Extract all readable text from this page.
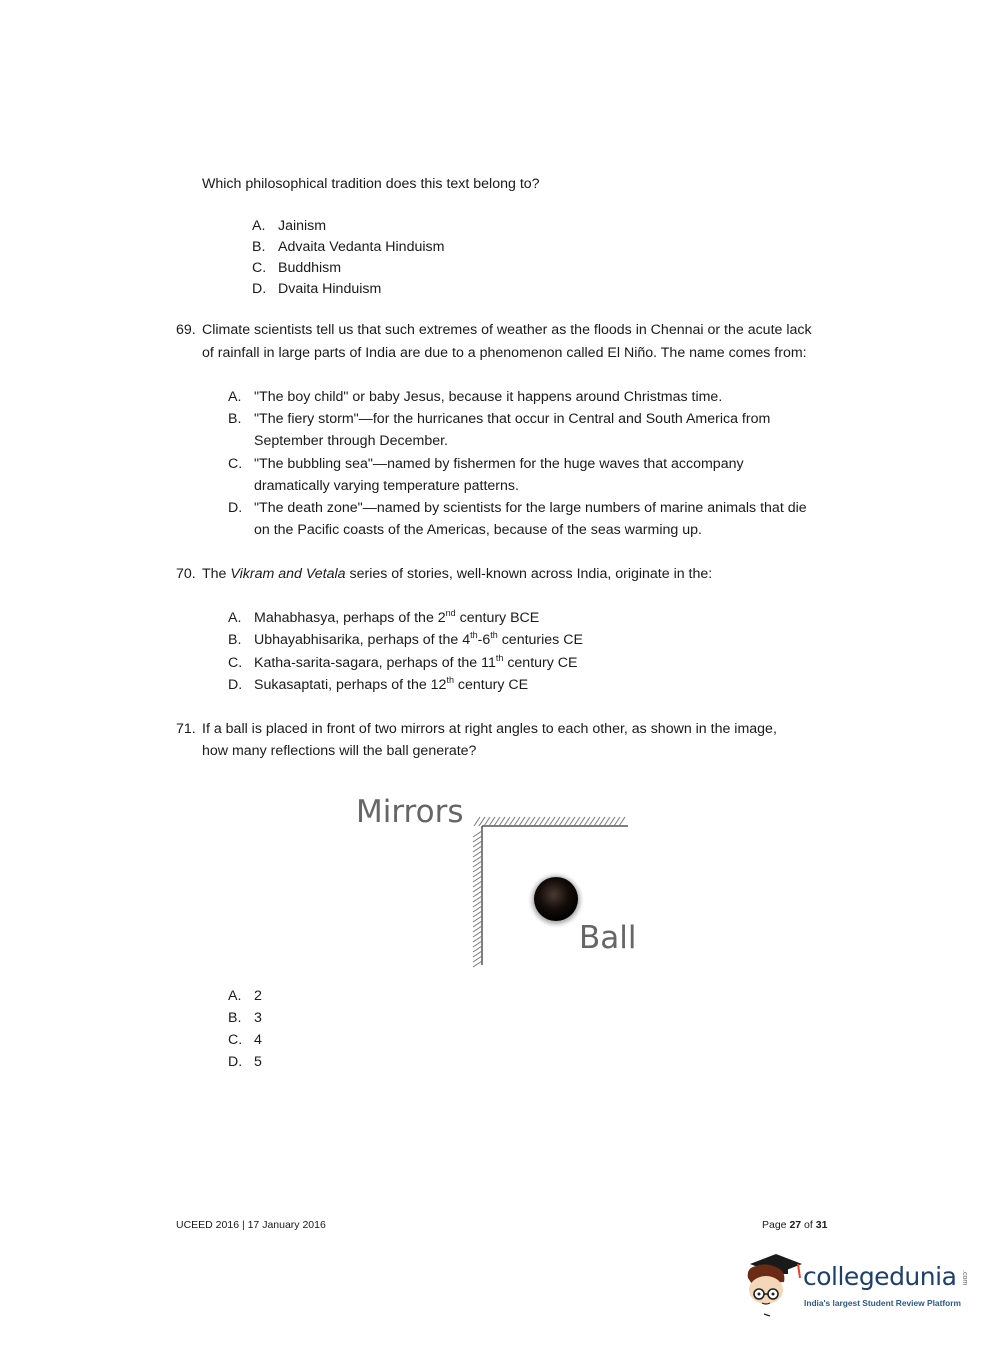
Which philosophical tradition does this text belong to?
A. Jainism
B. Advaita Vedanta Hinduism
C. Buddhism
D. Dvaita Hinduism
69. Climate scientists tell us that such extremes of weather as the floods in Chennai or the acute lack
of rainfall in large parts of India are due to a phenomenon called El Niño. The name comes from:
A. "The boy child" or baby Jesus, because it happens around Christmas time.
B. "The fiery storm"—for the hurricanes that occur in Central and South America from
September through December.
C. "The bubbling sea"—named by fishermen for the huge waves that accompany
dramatically varying temperature patterns.
D. "The death zone"—named by scientists for the large numbers of marine animals that die
on the Pacific coasts of the Americas, because of the seas warming up.
70. The Vikram and Vetala series of stories, well-known across India, originate in the:
A. Mahabhasya, perhaps of the 2nd century BCE
B. Ubhayabhisarika, perhaps of the 4th-6th centuries CE
C. Katha-sarita-sagara, perhaps of the 11th century CE
D. Sukasaptati, perhaps of the 12th century CE
71. If a ball is placed in front of two mirrors at right angles to each other, as shown in the image,
how many reflections will the ball generate?
Mirrors
Ball
A. 2
B. 3
C. 4
D. 5
UCEED 2016 | 17 January 2016	Page 27 of 31
collegedunia .com
India's largest Student Review Platform
